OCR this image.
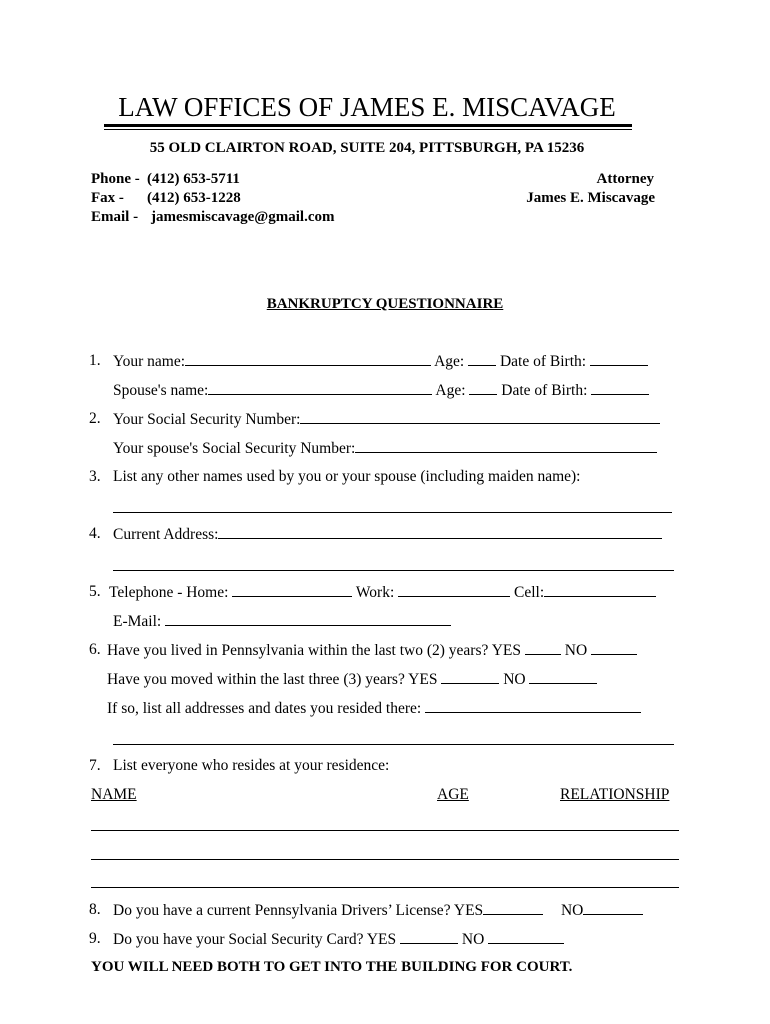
LAW OFFICES OF JAMES E. MISCAVAGE
55 OLD CLAIRTON ROAD, SUITE 204, PITTSBURGH, PA 15236
Phone - (412) 653-5711
Fax - (412) 653-1228
Email - jamesmiscavage@gmail.com
Attorney
James E. Miscavage
BANKRUPTCY QUESTIONNAIRE
1. Your name:	Age: Date of Birth:
Spouse's name:	Age: Date of Birth:
2. Your Social Security Number:
Your spouse's Social Security Number:
3. List any other names used by you or your spouse (including maiden name):
4. Current Address:
5. Telephone - Home:	Work:	Cell:
E-Mail:
6. Have you lived in Pennsylvania within the last two (2) years? YES	NO
Have you moved within the last three (3) years? YES	NO
If so, list all addresses and dates you resided there:
7. List everyone who resides at your residence:
NAME	AGE	RELATIONSHIP
8. Do you have a current Pennsylvania Drivers’ License? YES	NO
9. Do you have your Social Security Card? YES	NO
YOU WILL NEED BOTH TO GET INTO THE BUILDING FOR COURT.
